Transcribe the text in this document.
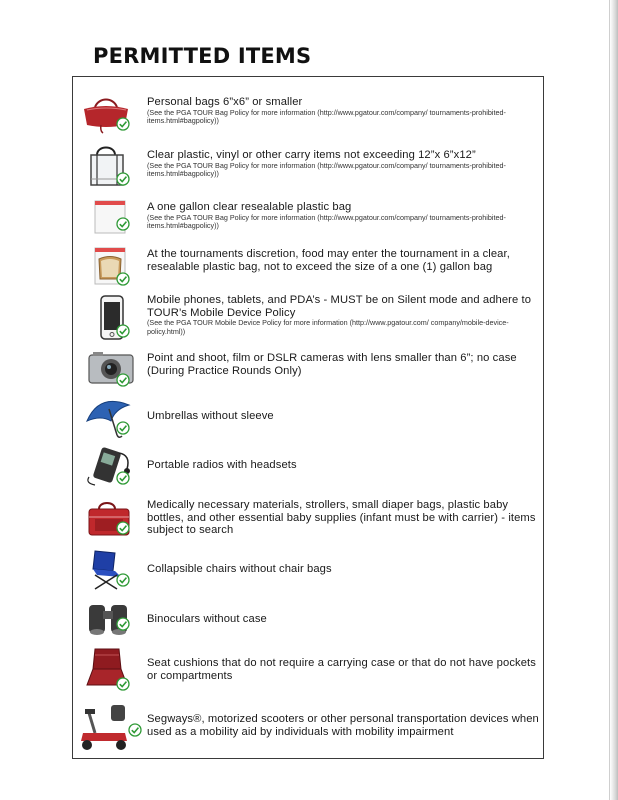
PERMITTED ITEMS
Personal bags 6”x6” or smaller
(See the PGA TOUR Bag Policy for more information (http://www.pgatour.com/company/ tournaments-prohibited-items.html#bagpolicy))
Clear plastic, vinyl or other carry items not exceeding 12”x 6”x12”
(See the PGA TOUR Bag Policy for more information (http://www.pgatour.com/company/ tournaments-prohibited-items.html#bagpolicy))
A one gallon clear resealable plastic bag
(See the PGA TOUR Bag Policy for more information (http://www.pgatour.com/company/ tournaments-prohibited-items.html#bagpolicy))
At the tournaments discretion, food may enter the tournament in a clear, resealable plastic bag, not to exceed the size of a one (1) gallon bag
Mobile phones, tablets, and PDA’s - MUST be on Silent mode and adhere to TOUR’s Mobile Device Policy
(See the PGA TOUR Mobile Device Policy for more information (http://www.pgatour.com/ company/mobile-device-policy.html))
Point and shoot, film or DSLR cameras with lens smaller than 6”; no case (During Practice Rounds Only)
Umbrellas without sleeve
Portable radios with headsets
Medically necessary materials, strollers, small diaper bags, plastic baby bottles, and other essential baby supplies (infant must be with carrier) - items subject to search
Collapsible chairs without chair bags
Binoculars without case
Seat cushions that do not require a carrying case or that do not have pockets or compartments
Segways®, motorized scooters or other personal transportation devices when used as a mobility aid by individuals with mobility impairment
